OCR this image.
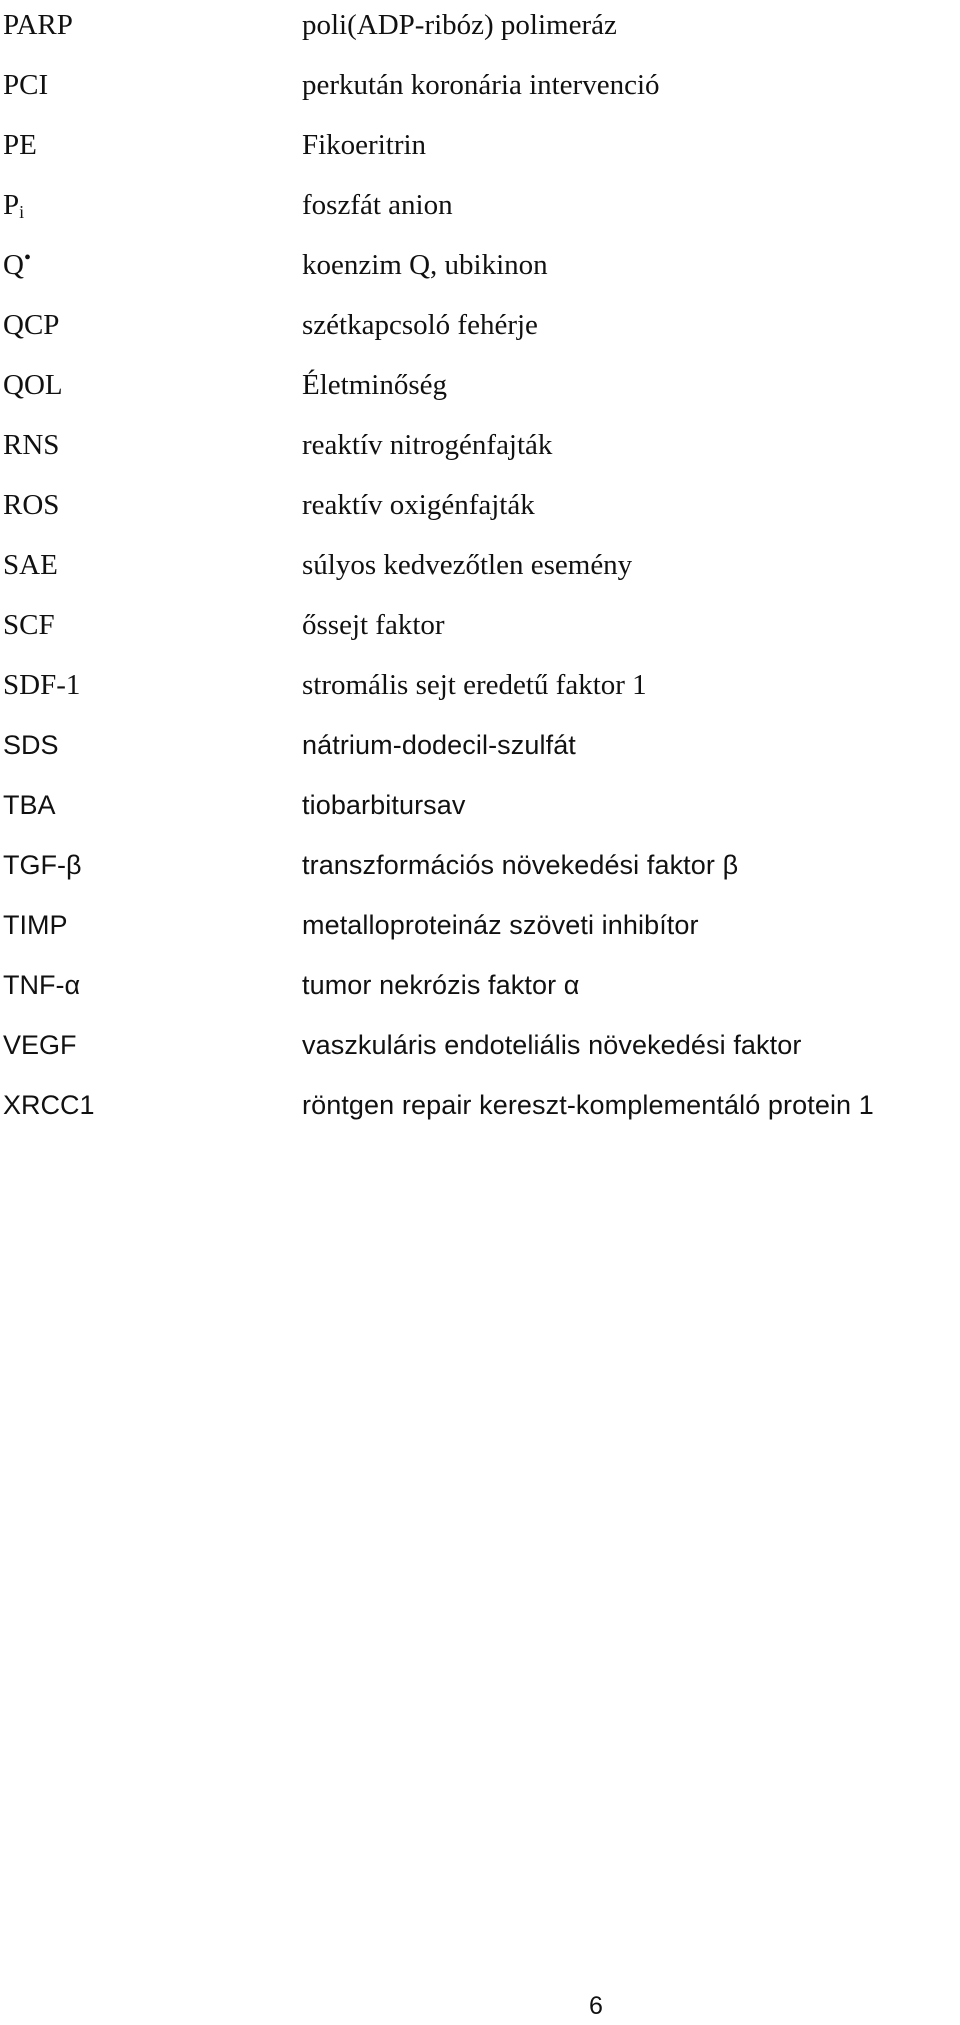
PARP	poli(ADP-ribóz) polimeráz
PCI	perkután koronária intervenció
PE	Fikoeritrin
$P_i$	foszfát anion
Q•	koenzim Q, ubikinon
QCP	szétkapcsoló fehérje
QOL	Életminőség
RNS	reaktív nitrogénfajták
ROS	reaktív oxigénfajták
SAE	súlyos kedvezőtlen esemény
SCF	őssejt faktor
SDF-1	stromális sejt eredetű faktor 1
SDS	nátrium-dodecil-szulfát
TBA	tiobarbitursav
TGF-β	transzformációs növekedési faktor β
TIMP	metalloproteináz szöveti inhibítor
TNF-α	tumor nekrózis faktor α
VEGF	vaszkuláris endoteliális növekedési faktor
XRCC1	röntgen repair kereszt-komplementáló protein 1
6
